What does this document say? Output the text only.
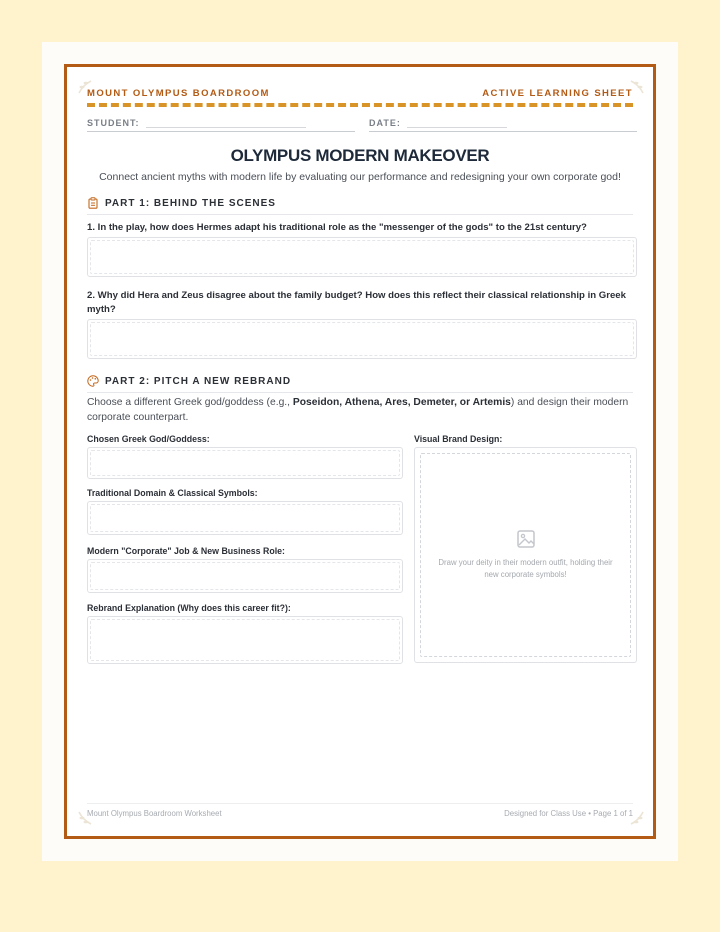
MOUNT OLYMPUS BOARDROOM	ACTIVE LEARNING SHEET
STUDENT:	DATE:
OLYMPUS MODERN MAKEOVER
Connect ancient myths with modern life by evaluating our performance and redesigning your own corporate god!
PART 1: BEHIND THE SCENES
1. In the play, how does Hermes adapt his traditional role as the "messenger of the gods" to the 21st century?
2. Why did Hera and Zeus disagree about the family budget? How does this reflect their classical relationship in Greek myth?
PART 2: PITCH A NEW REBRAND
Choose a different Greek god/goddess (e.g., Poseidon, Athena, Ares, Demeter, or Artemis) and design their modern corporate counterpart.
Chosen Greek God/Goddess:
Traditional Domain & Classical Symbols:
Modern "Corporate" Job & New Business Role:
Rebrand Explanation (Why does this career fit?):
Visual Brand Design:
Draw your deity in their modern outfit, holding their new corporate symbols!
Mount Olympus Boardroom Worksheet	Designed for Class Use • Page 1 of 1
